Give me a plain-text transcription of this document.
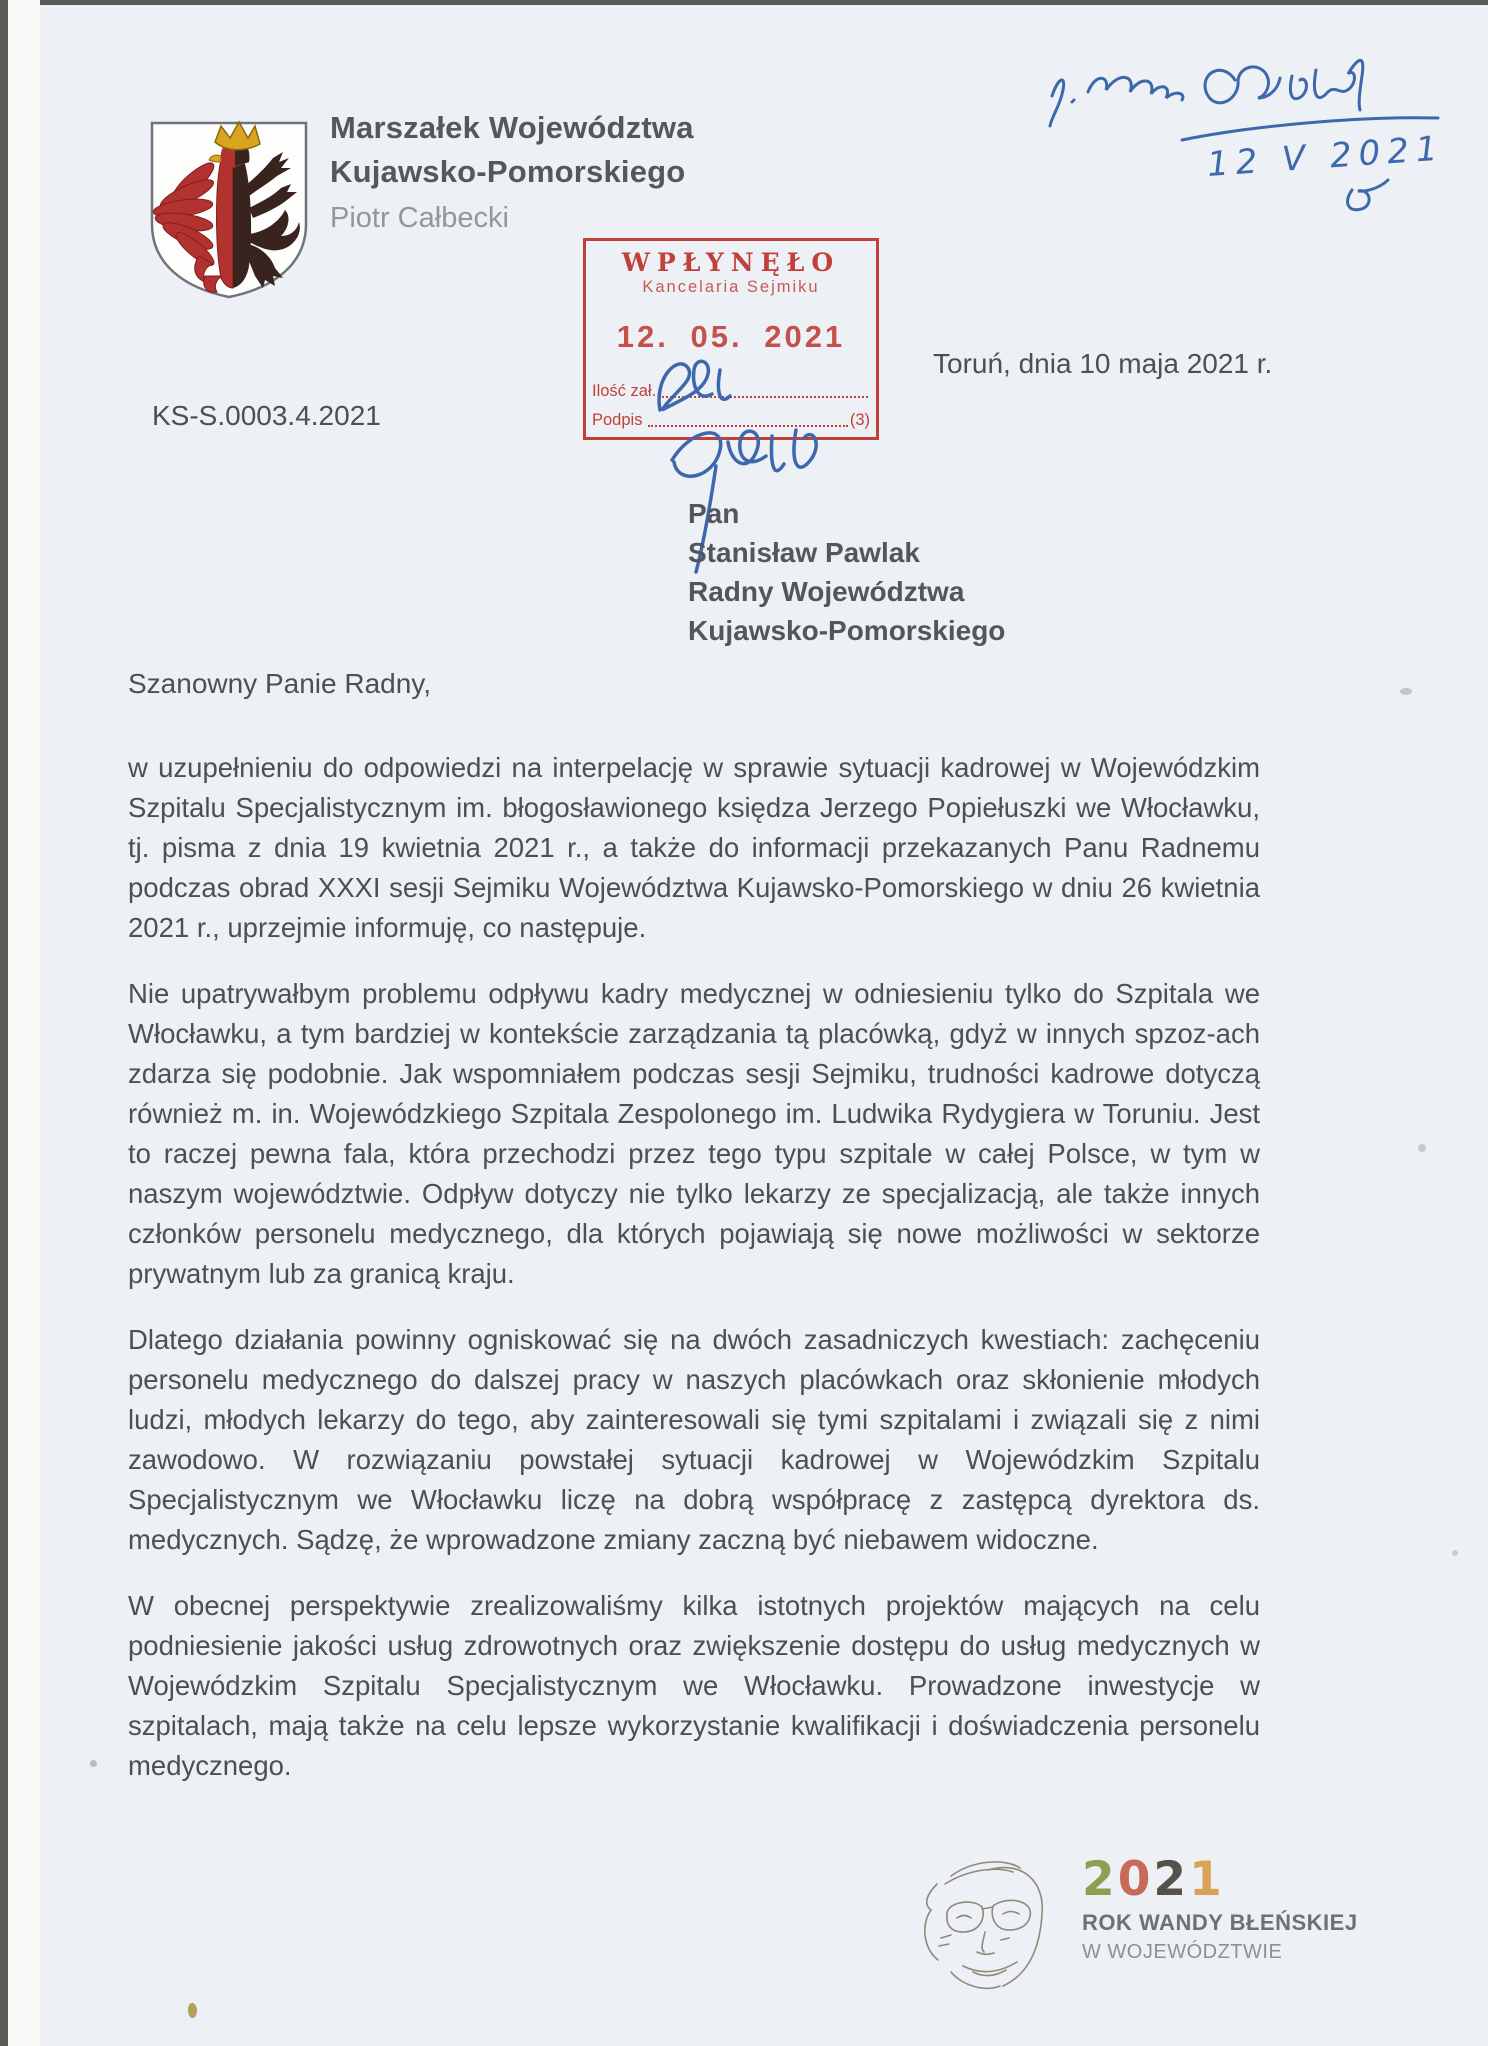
Marszałek Województwa
Kujawsko-Pomorskiego
Piotr Całbecki
12 V 2021
WPŁYNĘŁO
Kancelaria Sejmiku
12. 05. 2021
Ilość zał.
Podpis	(3)
Toruń, dnia 10 maja 2021 r.
KS-S.0003.4.2021
Pan
Stanisław Pawlak
Radny Województwa
Kujawsko-Pomorskiego
Szanowny Panie Radny,

w uzupełnieniu do odpowiedzi na interpelację w sprawie sytuacji kadrowej w Wojewódzkim Szpitalu Specjalistycznym im. błogosławionego księdza Jerzego Popiełuszki we Włocławku, tj. pisma z dnia 19 kwietnia 2021 r., a także do informacji przekazanych Panu Radnemu podczas obrad XXXI sesji Sejmiku Województwa Kujawsko-Pomorskiego w dniu 26 kwietnia 2021 r., uprzejmie informuję, co następuje.

Nie upatrywałbym problemu odpływu kadry medycznej w odniesieniu tylko do Szpitala we Włocławku, a tym bardziej w kontekście zarządzania tą placówką, gdyż w innych spzoz-ach zdarza się podobnie. Jak wspomniałem podczas sesji Sejmiku, trudności kadrowe dotyczą również m. in. Wojewódzkiego Szpitala Zespolonego im. Ludwika Rydygiera w Toruniu. Jest to raczej pewna fala, która przechodzi przez tego typu szpitale w całej Polsce, w tym w naszym województwie. Odpływ dotyczy nie tylko lekarzy ze specjalizacją, ale także innych członków personelu medycznego, dla których pojawiają się nowe możliwości w sektorze prywatnym lub za granicą kraju.

Dlatego działania powinny ogniskować się na dwóch zasadniczych kwestiach: zachęceniu personelu medycznego do dalszej pracy w naszych placówkach oraz skłonienie młodych ludzi, młodych lekarzy do tego, aby zainteresowali się tymi szpitalami i związali się z nimi zawodowo. W rozwiązaniu powstałej sytuacji kadrowej w Wojewódzkim Szpitalu Specjalistycznym we Włocławku liczę na dobrą współpracę z zastępcą dyrektora ds. medycznych. Sądzę, że wprowadzone zmiany zaczną być niebawem widoczne.

W obecnej perspektywie zrealizowaliśmy kilka istotnych projektów mających na celu podniesienie jakości usług zdrowotnych oraz zwiększenie dostępu do usług medycznych w Wojewódzkim Szpitalu Specjalistycznym we Włocławku. Prowadzone inwestycje w szpitalach, mają także na celu lepsze wykorzystanie kwalifikacji i doświadczenia personelu medycznego.

2021
ROK WANDY BŁEŃSKIEJ
W WOJEWÓDZTWIE
